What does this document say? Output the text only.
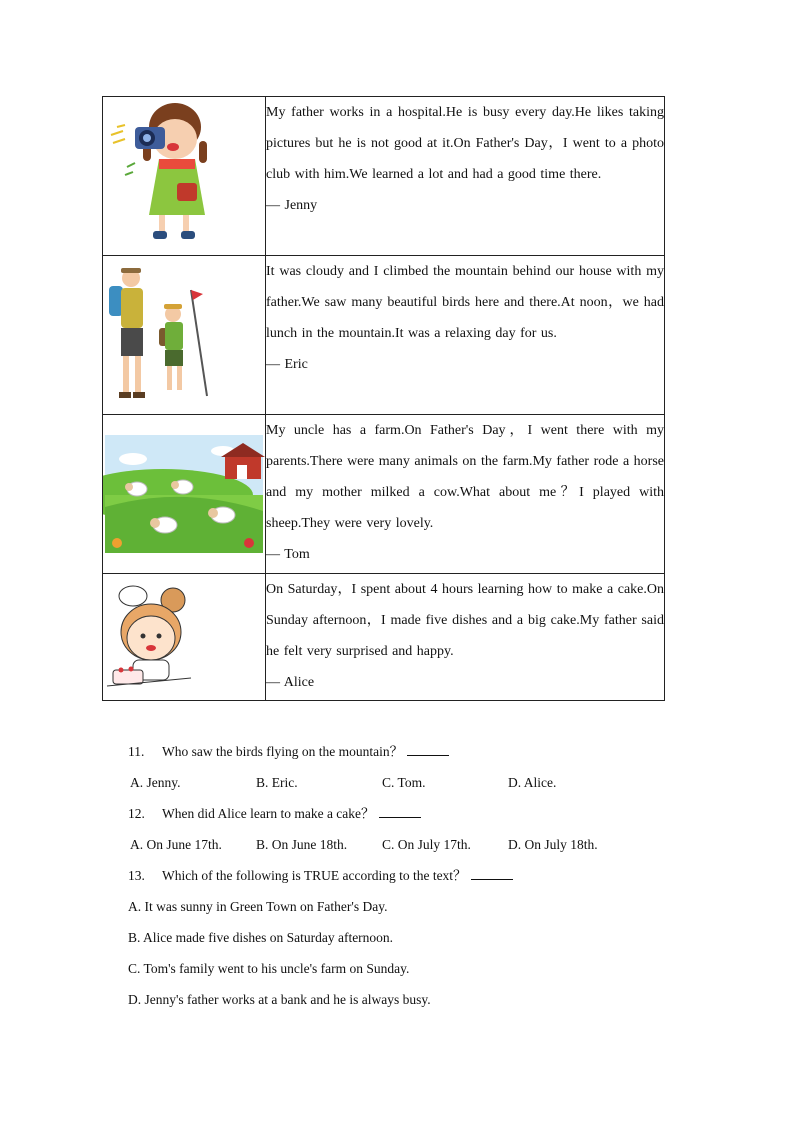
	My father works in a hospital.He is busy every day.He likes taking pictures but he is not good at it.On Father's Day，I went to a photo club with him.We learned a lot and had a good time there.
— Jenny

	It was cloudy and I climbed the mountain behind our house with my father.We saw many beautiful birds here and there.At noon，we had lunch in the mountain.It was a relaxing day for us.
— Eric

	My uncle has a farm.On Father's Day，I went there with my parents.There were many animals on the farm.My father rode a horse and my mother milked a cow.What about me？I played with sheep.They were very lovely.
— Tom

	On Saturday，I spent about 4 hours learning how to make a cake.On Sunday afternoon，I made five dishes and a big cake.My father said he felt very surprised and happy.
— Alice
11. Who saw the birds flying on the mountain？
A. Jenny.	B. Eric.	C. Tom.	D. Alice.
12. When did Alice learn to make a cake？
A. On June 17th.	B. On June 18th.	C. On July 17th.	D. On July 18th.
13. Which of the following is TRUE according to the text？
A. It was sunny in Green Town on Father's Day.
B. Alice made five dishes on Saturday afternoon.
C. Tom's family went to his uncle's farm on Sunday.
D. Jenny's father works at a bank and he is always busy.
